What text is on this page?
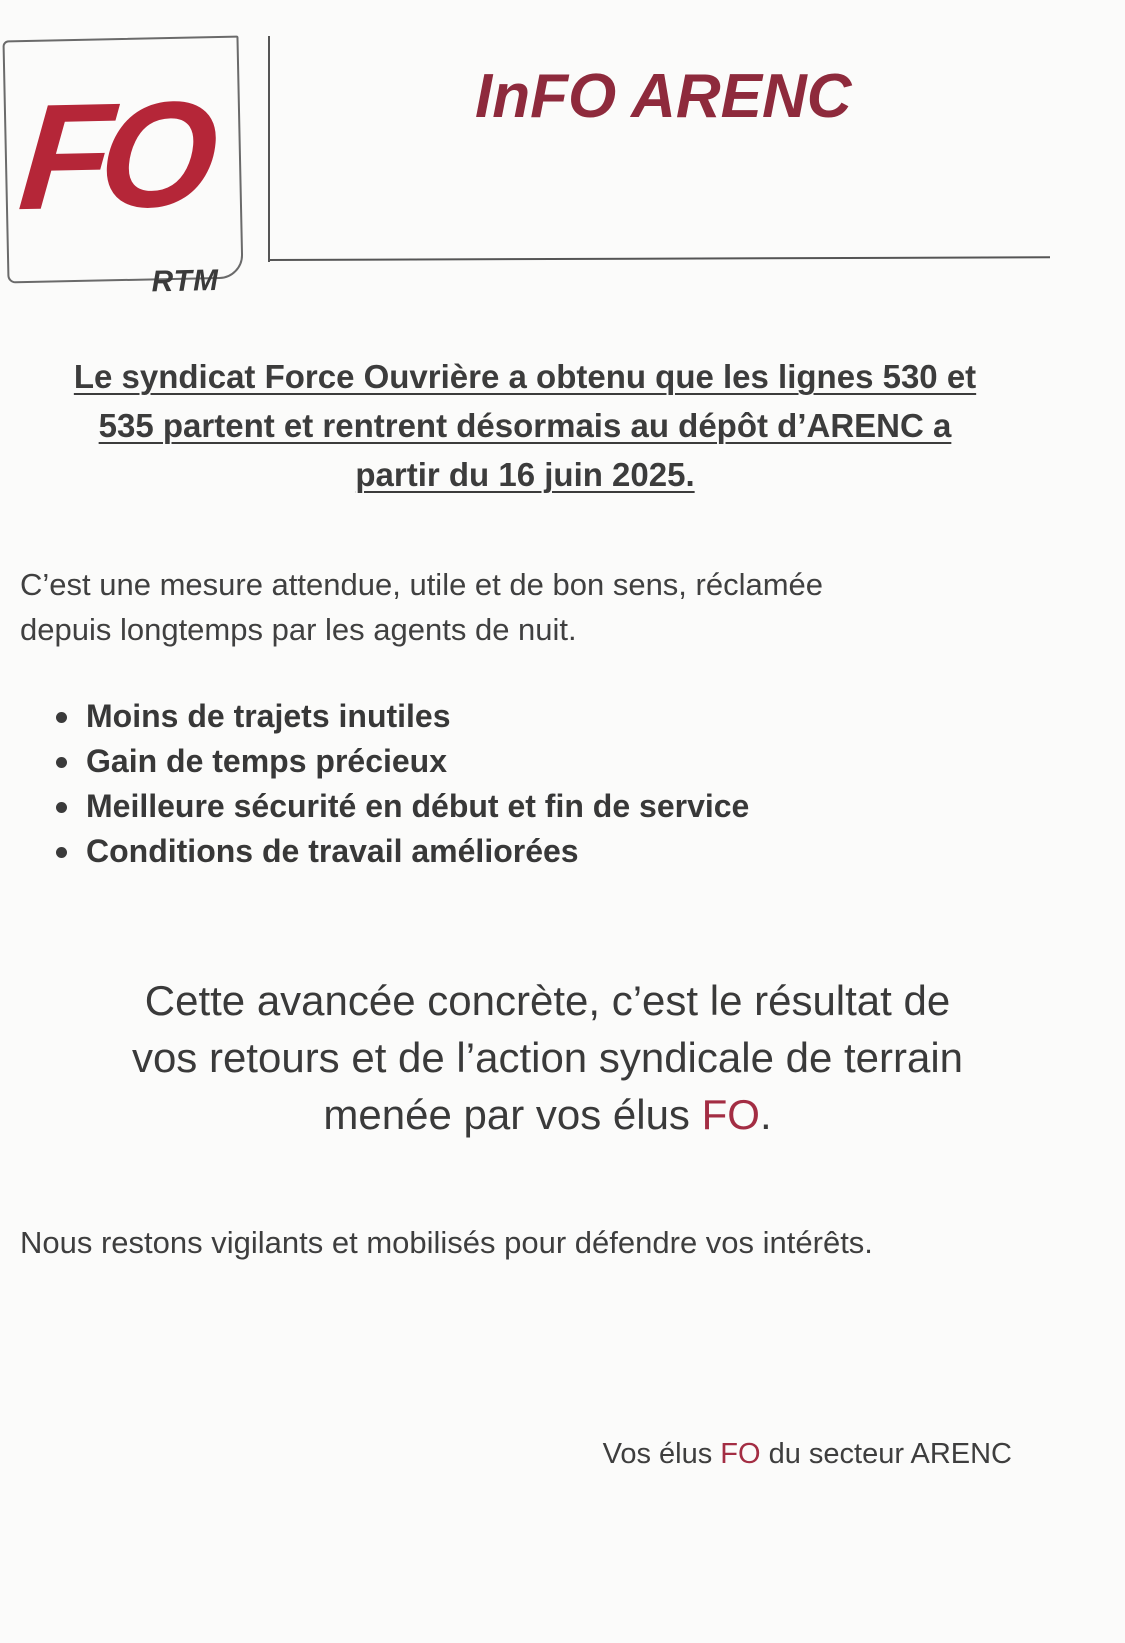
FO
RTM
InFO ARENC

Le syndicat Force Ouvrière a obtenu que les lignes 530 et
535 partent et rentrent désormais au dépôt d’ARENC a
partir du 16 juin 2025.

C’est une mesure attendue, utile et de bon sens, réclamée
depuis longtemps par les agents de nuit.

Moins de trajets inutiles
Gain de temps précieux
Meilleure sécurité en début et fin de service
Conditions de travail améliorées

Cette avancée concrète, c’est le résultat de
vos retours et de l’action syndicale de terrain
menée par vos élus FO.

Nous restons vigilants et mobilisés pour défendre vos intérêts.

Vos élus FO du secteur ARENC
